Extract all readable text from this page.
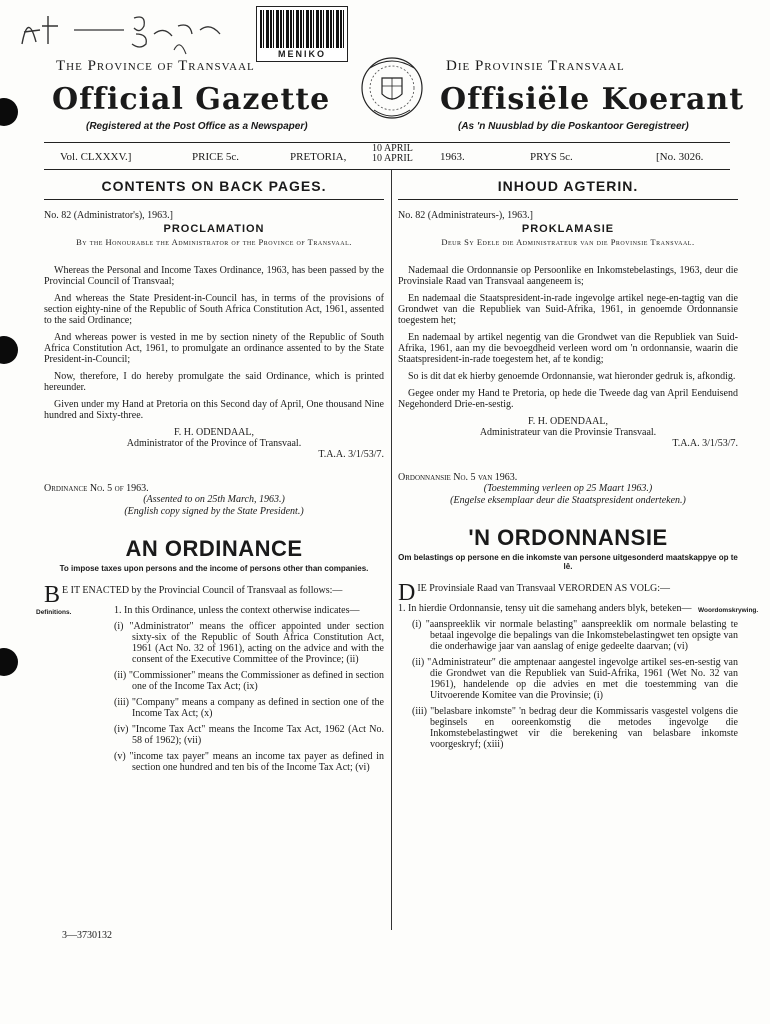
MENIKO
The Province of Transvaal	Die Provinsie Transvaal
Official Gazette	Offisiële Koerant
(Registered at the Post Office as a Newspaper)	(As 'n Nuusblad by die Poskantoor Geregistreer)
Vol. CLXXXV.]	PRICE 5c.	PRETORIA,
10 APRIL
10 APRIL 1963.	PRYS 5c.	[No. 3026.
CONTENTS ON BACK PAGES.
No. 82 (Administrator's), 1963.]
PROCLAMATION
By the Honourable the Administrator of the Province of Transvaal.

Whereas the Personal and Income Taxes Ordinance, 1963, has been passed by the Provincial Council of Transvaal;

And whereas the State President-in-Council has, in terms of the provisions of section eighty-nine of the Republic of South Africa Constitution Act, 1961, assented to the said Ordinance;

And whereas power is vested in me by section ninety of the Republic of South Africa Constitution Act, 1961, to promulgate an ordinance assented to by the State President-in-Council;

Now, therefore, I do hereby promulgate the said Ordinance, which is printed hereunder.

Given under my Hand at Pretoria on this Second day of April, One thousand Nine hundred and Sixty-three.

F. H. ODENDAAL,
Administrator of the Province of Transvaal.
T.A.A. 3/1/53/7.
Ordinance No. 5 of 1963.
(Assented to on 25th March, 1963.)
(English copy signed by the State President.)
AN ORDINANCE
To impose taxes upon persons and the income of persons other than companies.
B E IT ENACTED by the Provincial Council of Transvaal as follows:—
Definitions.	1. In this Ordinance, unless the context otherwise indicates—
(i) "Administrator" means the officer appointed under section sixty-six of the Republic of South Africa Constitution Act, 1961 (Act No. 32 of 1961), acting on the advice and with the consent of the Executive Committee of the Province; (ii)
(ii) "Commissioner" means the Commissioner as defined in section one of the Income Tax Act; (ix)
(iii) "Company" means a company as defined in section one of the Income Tax Act; (x)
(iv) "Income Tax Act" means the Income Tax Act, 1962 (Act No. 58 of 1962); (vii)
(v) "income tax payer" means an income tax payer as defined in section one hundred and ten bis of the Income Tax Act; (vi)
INHOUD AGTERIN.
No. 82 (Administrateurs-), 1963.]
PROKLAMASIE
Deur Sy Edele die Administrateur van die Provinsie Transvaal.

Nademaal die Ordonnansie op Persoonlike en Inkomstebelastings, 1963, deur die Provinsiale Raad van Transvaal aangeneem is;

En nademaal die Staatspresident-in-rade ingevolge artikel nege-en-tagtig van die Grondwet van die Republiek van Suid-Afrika, 1961, in genoemde Ordonnansie toegestem het;

En nademaal by artikel negentig van die Grondwet van die Republiek van Suid-Afrika, 1961, aan my die bevoegdheid verleen word om 'n ordonnansie, waarin die Staatspresident-in-rade toegestem het, af te kondig;

So is dit dat ek hierby genoemde Ordonnansie, wat hieronder gedruk is, afkondig.

Gegee onder my Hand te Pretoria, op hede die Tweede dag van April Eenduisend Negehonderd Drie-en-sestig.

F. H. ODENDAAL,
Administrateur van die Provinsie Transvaal.
T.A.A. 3/1/53/7.
Ordonnansie No. 5 van 1963.
(Toestemming verleen op 25 Maart 1963.)
(Engelse eksemplaar deur die Staatspresident onderteken.)
'N ORDONNANSIE
Om belastings op persone en die inkomste van persone uitgesonderd maatskappye op te lê.
D IE Provinsiale Raad van Transvaal VERORDEN AS VOLG:—
1. In hierdie Ordonnansie, tensy uit die samehang anders blyk, beteken— Woordomskrywing.
(i) "aanspreeklik vir normale belasting" aanspreeklik om normale belasting te betaal ingevolge die bepalings van die Inkomstebelastingwet ten opsigte van die onderhawige jaar van aanslag of enige gedeelte daarvan; (vi)
(ii) "Administrateur" die amptenaar aangestel ingevolge artikel ses-en-sestig van die Grondwet van die Republiek van Suid-Afrika, 1961 (Wet No. 32 van 1961), handelende op die advies en met die toestemming van die Uitvoerende Komitee van die Provinsie; (i)
(iii) "belasbare inkomste" 'n bedrag deur die Kommissaris vasgestel volgens die beginsels en ooreenkomstig die metodes ingevolge die Inkomstebelastingwet vir die berekening van belasbare inkomste voorgeskryf; (xiii)
3—3730132
